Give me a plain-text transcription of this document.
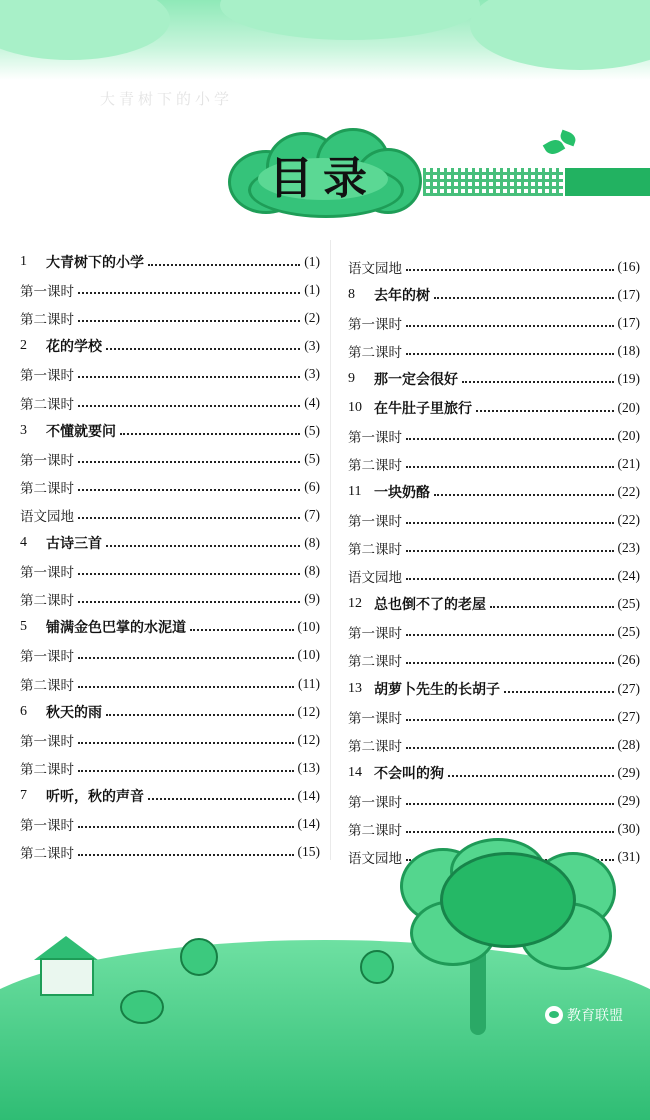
大青树下的小学
目录
1	大青树下的小学	(1)
第一课时	(1)
第二课时	(2)
2	花的学校	(3)
第一课时	(3)
第二课时	(4)
3	不懂就要问	(5)
第一课时	(5)
第二课时	(6)
语文园地	(7)
4	古诗三首	(8)
第一课时	(8)
第二课时	(9)
5	铺满金色巴掌的水泥道	(10)
第一课时	(10)
第二课时	(11)
6	秋天的雨	(12)
第一课时	(12)
第二课时	(13)
7	听听，秋的声音	(14)
第一课时	(14)
第二课时	(15)
语文园地	(16)
8	去年的树	(17)
第一课时	(17)
第二课时	(18)
9	那一定会很好	(19)
10 在牛肚子里旅行	(20)
第一课时	(20)
第二课时	(21)
11 一块奶酪	(22)
第一课时	(22)
第二课时	(23)
语文园地	(24)
12 总也倒不了的老屋	(25)
第一课时	(25)
第二课时	(26)
13 胡萝卜先生的长胡子	(27)
第一课时	(27)
第二课时	(28)
14 不会叫的狗	(29)
第一课时	(29)
第二课时	(30)
语文园地	(31)
教育联盟
